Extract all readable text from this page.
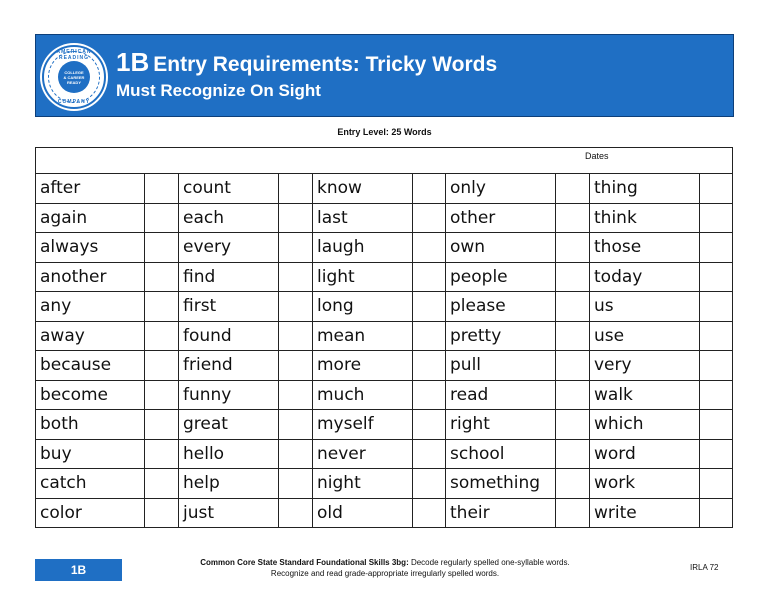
AMERICAN READING
COLLEGE
& CAREER
READY
COMPANY
1B Entry Requirements: Tricky Words
Must Recognize On Sight
Entry Level: 25 Words
Dates									

after		count		know		only		thing	
again		each		last		other		think	
always		every		laugh		own		those	
another		find		light		people		today	
any		first		long		please		us	
away		found		mean		pretty		use	
because		friend		more		pull		very	
become		funny		much		read		walk	
both		great		myself		right		which	
buy		hello		never		school		word	
catch		help		night		something		work	
color		just		old		their		write	
1B
Common Core State Standard Foundational Skills 3bg: Decode regularly spelled one-syllable words.
Recognize and read grade-appropriate irregularly spelled words.
IRLA 72
